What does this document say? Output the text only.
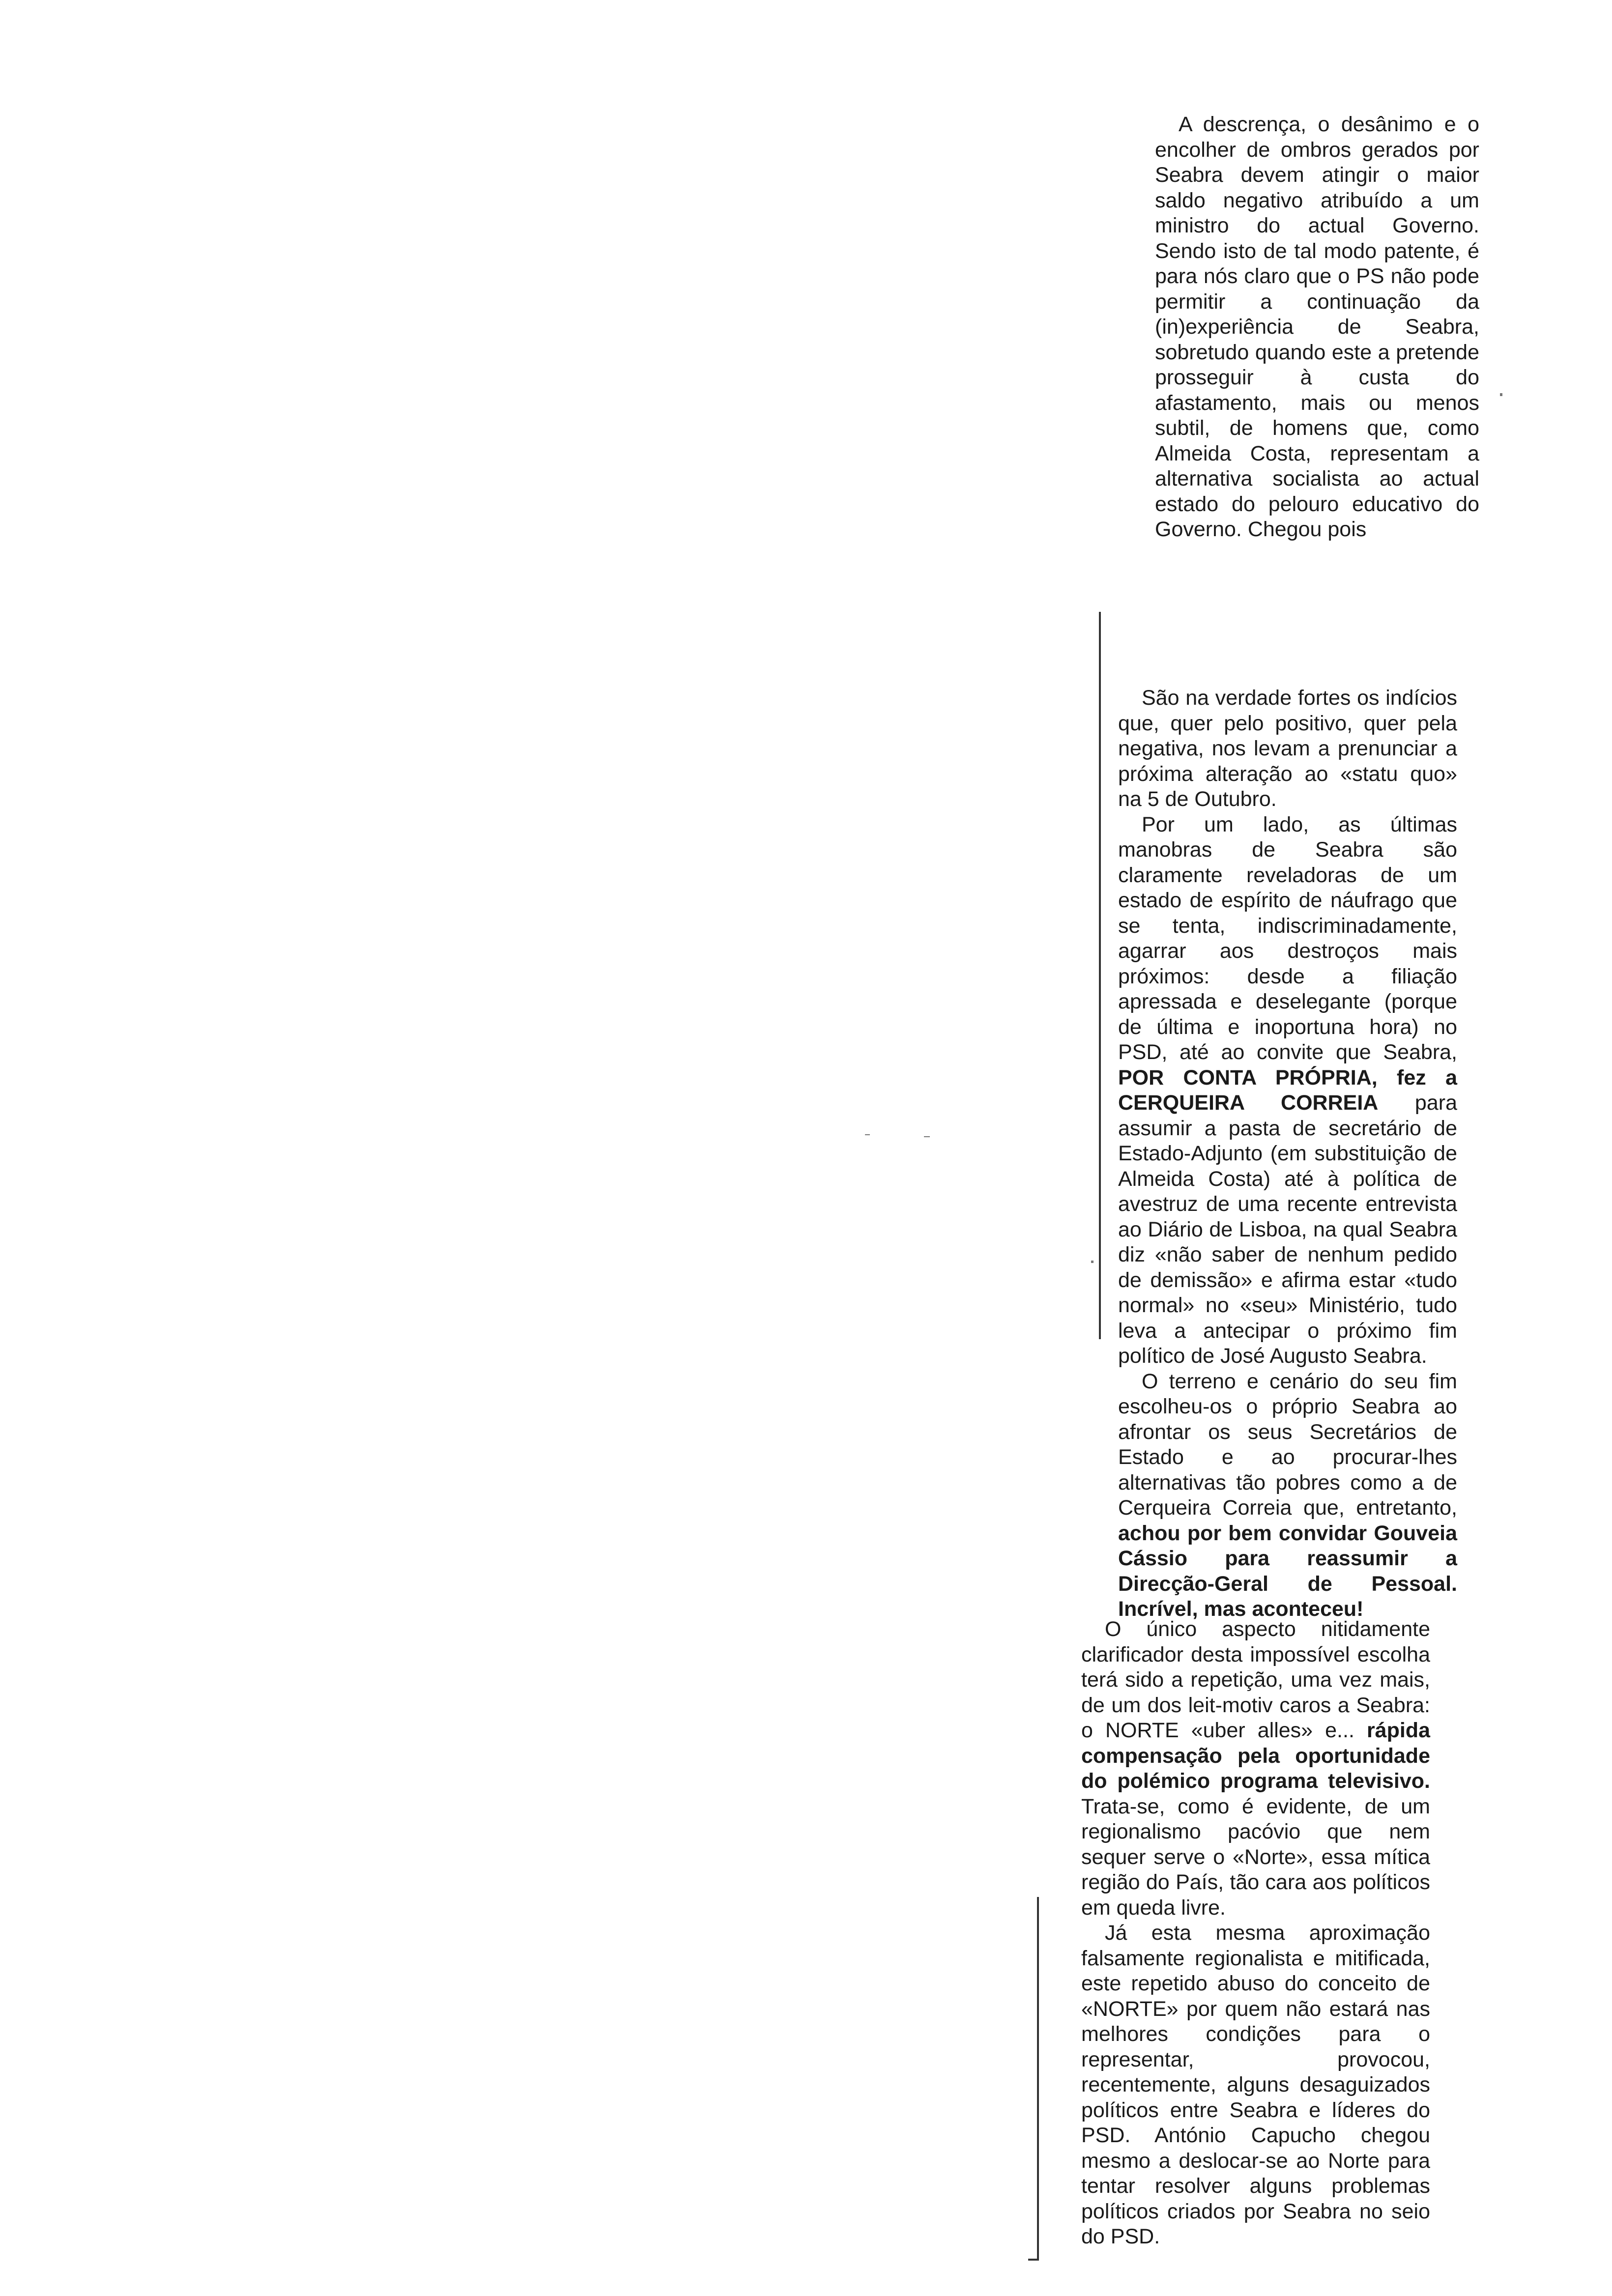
A descrença, o desânimo e o encolher de ombros gerados por Seabra devem atingir o maior saldo negativo atribuído a um ministro do actual Governo. Sendo isto de tal modo patente, é para nós claro que o PS não pode permitir a continuação da (in)experiência de Seabra, sobretudo quando este a pretende prosseguir à custa do afastamento, mais ou menos subtil, de homens que, como Almeida Costa, representam a alternativa socialista ao actual estado do pelouro educativo do Governo. Chegou pois

São na verdade fortes os indícios que, quer pelo positivo, quer pela negativa, nos levam a prenunciar a próxima alteração ao «statu quo» na 5 de Outubro.

Por um lado, as últimas manobras de Seabra são claramente reveladoras de um estado de espírito de náufrago que se tenta, indiscriminadamente, agarrar aos destroços mais próximos: desde a filiação apressada e deselegante (porque de última e inoportuna hora) no PSD, até ao convite que Seabra, POR CONTA PRÓPRIA, fez a CERQUEIRA CORREIA para assumir a pasta de secretário de Estado-Adjunto (em substituição de Almeida Costa) até à política de avestruz de uma recente entrevista ao Diário de Lisboa, na qual Seabra diz «não saber de nenhum pedido de demissão» e afirma estar «tudo normal» no «seu» Ministério, tudo leva a antecipar o próximo fim político de José Augusto Seabra.

O terreno e cenário do seu fim escolheu-os o próprio Seabra ao afrontar os seus Secretários de Estado e ao procurar-lhes alternativas tão pobres como a de Cerqueira Correia que, entretanto, achou por bem convidar Gouveia Cássio para reassumir a Direcção-Geral de Pessoal. Incrível, mas aconteceu!

O único aspecto nitidamente clarificador desta impossível escolha terá sido a repetição, uma vez mais, de um dos leit-motiv caros a Seabra: o NORTE «uber alles» e... rápida compensação pela oportunidade do polémico programa televisivo. Trata-se, como é evidente, de um regionalismo pacóvio que nem sequer serve o «Norte», essa mítica região do País, tão cara aos políticos em queda livre.

Já esta mesma aproximação falsamente regionalista e mitificada, este repetido abuso do conceito de «NORTE» por quem não estará nas melhores condições para o representar, provocou, recentemente, alguns desaguizados políticos entre Seabra e líderes do PSD. António Capucho chegou mesmo a deslocar-se ao Norte para tentar resolver alguns problemas políticos criados por Seabra no seio do PSD.
